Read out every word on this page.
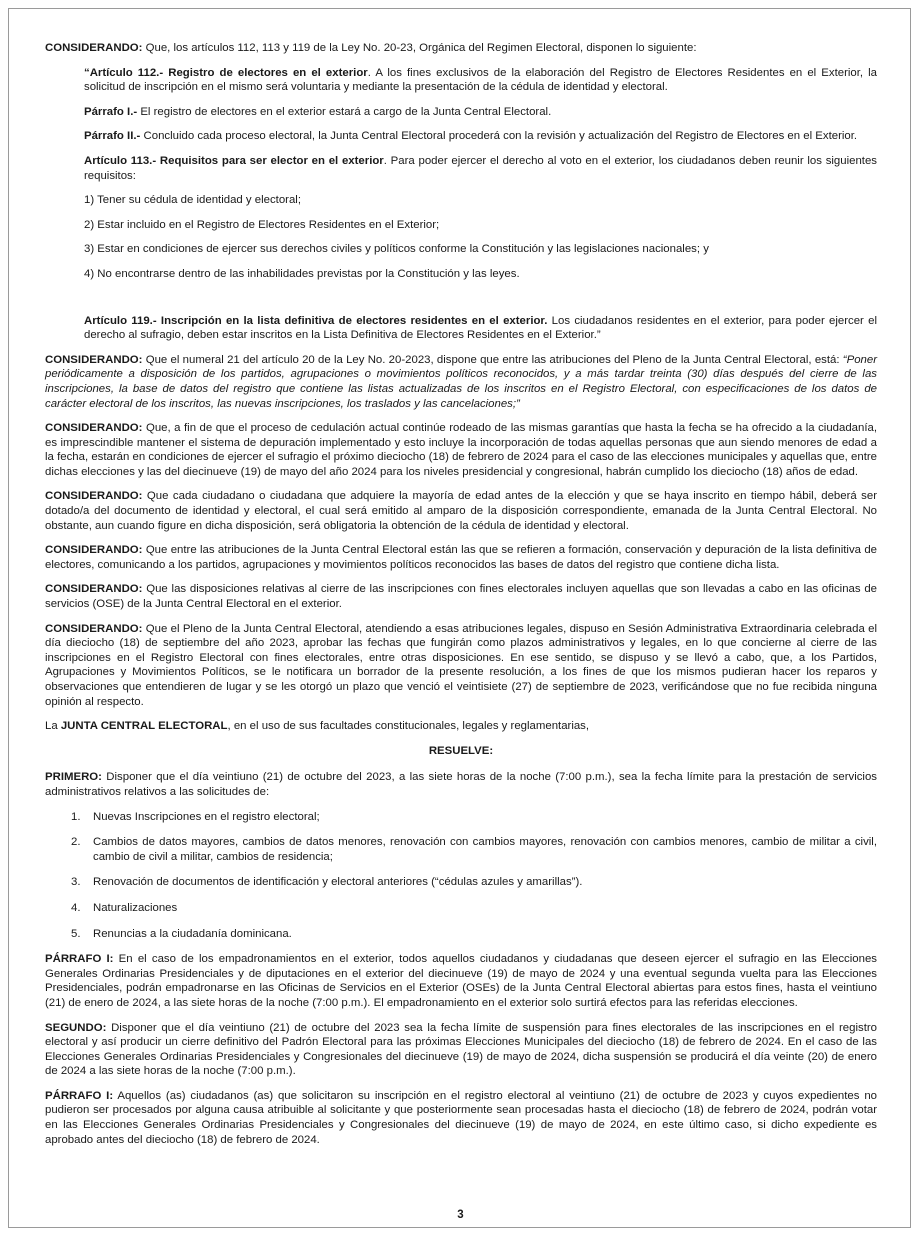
CONSIDERANDO: Que, los artículos 112, 113 y 119 de la Ley No. 20-23, Orgánica del Regimen Electoral, disponen lo siguiente:

“Artículo 112.- Registro de electores en el exterior. A los fines exclusivos de la elaboración del Registro de Electores Residentes en el Exterior, la solicitud de inscripción en el mismo será voluntaria y mediante la presentación de la cédula de identidad y electoral.

Párrafo I.- El registro de electores en el exterior estará a cargo de la Junta Central Electoral.

Párrafo II.- Concluido cada proceso electoral, la Junta Central Electoral procederá con la revisión y actualización del Registro de Electores en el Exterior.

Artículo 113.- Requisitos para ser elector en el exterior. Para poder ejercer el derecho al voto en el exterior, los ciudadanos deben reunir los siguientes requisitos:

1) Tener su cédula de identidad y electoral;

2) Estar incluido en el Registro de Electores Residentes en el Exterior;

3) Estar en condiciones de ejercer sus derechos civiles y políticos conforme la Constitución y las legislaciones nacionales; y

4) No encontrarse dentro de las inhabilidades previstas por la Constitución y las leyes.

Artículo 119.- Inscripción en la lista definitiva de electores residentes en el exterior. Los ciudadanos residentes en el exterior, para poder ejercer el derecho al sufragio, deben estar inscritos en la Lista Definitiva de Electores Residentes en el Exterior.”

CONSIDERANDO: Que el numeral 21 del artículo 20 de la Ley No. 20-2023, dispone que entre las atribuciones del Pleno de la Junta Central Electoral, está: “Poner periódicamente a disposición de los partidos, agrupaciones o movimientos políticos reconocidos, y a más tardar treinta (30) días después del cierre de las inscripciones, la base de datos del registro que contiene las listas actualizadas de los inscritos en el Registro Electoral, con especificaciones de los datos de carácter electoral de los inscritos, las nuevas inscripciones, los traslados y las cancelaciones;”

CONSIDERANDO: Que, a fin de que el proceso de cedulación actual continúe rodeado de las mismas garantías que hasta la fecha se ha ofrecido a la ciudadanía, es imprescindible mantener el sistema de depuración implementado y esto incluye la incorporación de todas aquellas personas que aun siendo menores de edad a la fecha, estarán en condiciones de ejercer el sufragio el próximo dieciocho (18) de febrero de 2024 para el caso de las elecciones municipales y aquellas que, entre dichas elecciones y las del diecinueve (19) de mayo del año 2024 para los niveles presidencial y congresional, habrán cumplido los dieciocho (18) años de edad.

CONSIDERANDO: Que cada ciudadano o ciudadana que adquiere la mayoría de edad antes de la elección y que se haya inscrito en tiempo hábil, deberá ser dotado/a del documento de identidad y electoral, el cual será emitido al amparo de la disposición correspondiente, emanada de la Junta Central Electoral. No obstante, aun cuando figure en dicha disposición, será obligatoria la obtención de la cédula de identidad y electoral.

CONSIDERANDO: Que entre las atribuciones de la Junta Central Electoral están las que se refieren a formación, conservación y depuración de la lista definitiva de electores, comunicando a los partidos, agrupaciones y movimientos políticos reconocidos las bases de datos del registro que contiene dicha lista.

CONSIDERANDO: Que las disposiciones relativas al cierre de las inscripciones con fines electorales incluyen aquellas que son llevadas a cabo en las oficinas de servicios (OSE) de la Junta Central Electoral en el exterior.

CONSIDERANDO: Que el Pleno de la Junta Central Electoral, atendiendo a esas atribuciones legales, dispuso en Sesión Administrativa Extraordinaria celebrada el día dieciocho (18) de septiembre del año 2023, aprobar las fechas que fungirán como plazos administrativos y legales, en lo que concierne al cierre de las inscripciones en el Registro Electoral con fines electorales, entre otras disposiciones. En ese sentido, se dispuso y se llevó a cabo, que, a los Partidos, Agrupaciones y Movimientos Políticos, se le notificara un borrador de la presente resolución, a los fines de que los mismos pudieran hacer los reparos y observaciones que entendieren de lugar y se les otorgó un plazo que venció el veintisiete (27) de septiembre de 2023, verificándose que no fue recibida ninguna opinión al respecto.

La JUNTA CENTRAL ELECTORAL, en el uso de sus facultades constitucionales, legales y reglamentarias,

RESUELVE:

PRIMERO: Disponer que el día veintiuno (21) de octubre del 2023, a las siete horas de la noche (7:00 p.m.), sea la fecha límite para la prestación de servicios administrativos relativos a las solicitudes de:

1. Nuevas Inscripciones en el registro electoral;
2. Cambios de datos mayores, cambios de datos menores, renovación con cambios mayores, renovación con cambios menores, cambio de militar a civil, cambio de civil a militar, cambios de residencia;
3. Renovación de documentos de identificación y electoral anteriores (“cédulas azules y amarillas”).
4. Naturalizaciones
5. Renuncias a la ciudadanía dominicana.

PÁRRAFO I: En el caso de los empadronamientos en el exterior, todos aquellos ciudadanos y ciudadanas que deseen ejercer el sufragio en las Elecciones Generales Ordinarias Presidenciales y de diputaciones en el exterior del diecinueve (19) de mayo de 2024 y una eventual segunda vuelta para las Elecciones Presidenciales, podrán empadronarse en las Oficinas de Servicios en el Exterior (OSEs) de la Junta Central Electoral abiertas para estos fines, hasta el veintiuno (21) de enero de 2024, a las siete horas de la noche (7:00 p.m.). El empadronamiento en el exterior solo surtirá efectos para las referidas elecciones.

SEGUNDO: Disponer que el día veintiuno (21) de octubre del 2023 sea la fecha límite de suspensión para fines electorales de las inscripciones en el registro electoral y así producir un cierre definitivo del Padrón Electoral para las próximas Elecciones Municipales del dieciocho (18) de febrero de 2024. En el caso de las Elecciones Generales Ordinarias Presidenciales y Congresionales del diecinueve (19) de mayo de 2024, dicha suspensión se producirá el día veinte (20) de enero de 2024 a las siete horas de la noche (7:00 p.m.).

PÁRRAFO I: Aquellos (as) ciudadanos (as) que solicitaron su inscripción en el registro electoral al veintiuno (21) de octubre de 2023 y cuyos expedientes no pudieron ser procesados por alguna causa atribuible al solicitante y que posteriormente sean procesadas hasta el dieciocho (18) de febrero de 2024, podrán votar en las Elecciones Generales Ordinarias Presidenciales y Congresionales del diecinueve (19) de mayo de 2024, en este último caso, si dicho expediente es aprobado antes del dieciocho (18) de febrero de 2024.

3
